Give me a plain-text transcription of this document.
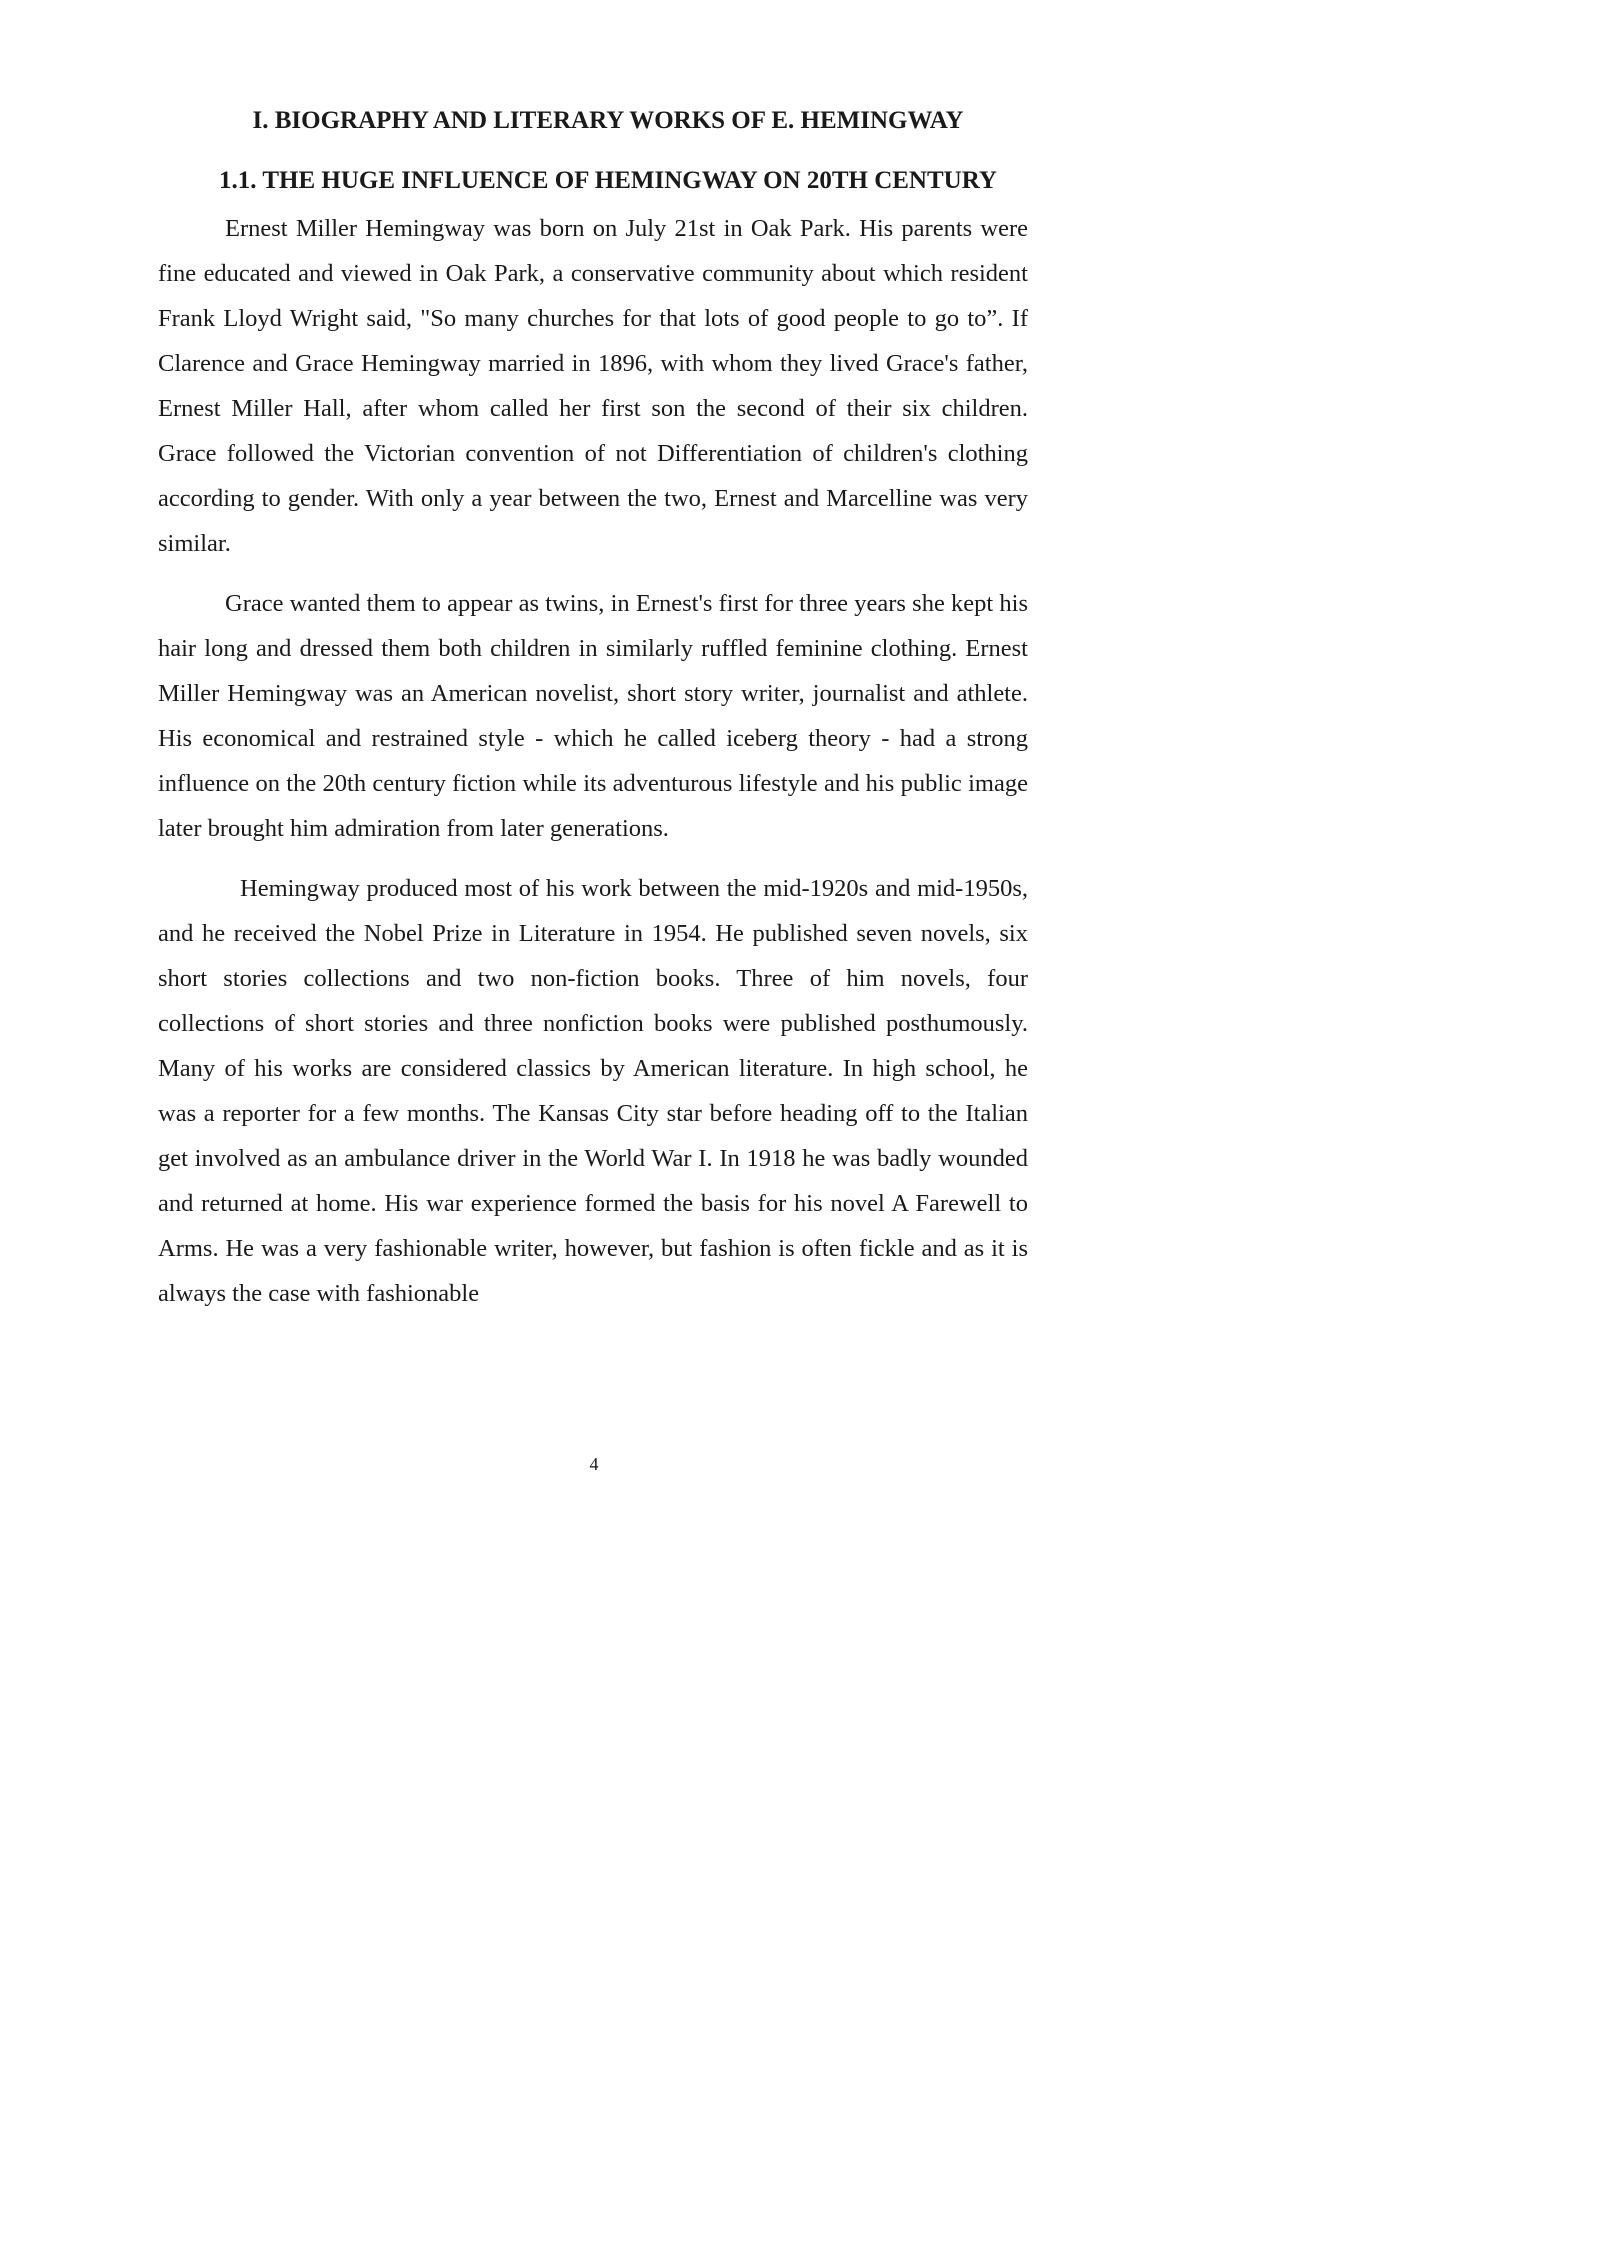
I. BIOGRAPHY AND LITERARY WORKS OF E. HEMINGWAY
1.1. THE HUGE INFLUENCE OF HEMINGWAY ON 20TH CENTURY

Ernest Miller Hemingway was born on July 21st in Oak Park. His parents were fine educated and viewed in Oak Park, a conservative community about which resident Frank Lloyd Wright said, "So many churches for that lots of good people to go to”. If Clarence and Grace Hemingway married in 1896, with whom they lived Grace's father, Ernest Miller Hall, after whom called her first son the second of their six children. Grace followed the Victorian convention of not Differentiation of children's clothing according to gender. With only a year between the two, Ernest and Marcelline was very similar.

Grace wanted them to appear as twins, in Ernest's first for three years she kept his hair long and dressed them both children in similarly ruffled feminine clothing. Ernest Miller Hemingway was an American novelist, short story writer, journalist and athlete. His economical and restrained style - which he called iceberg theory - had a strong influence on the 20th century fiction while its adventurous lifestyle and his public image later brought him admiration from later generations.

Hemingway produced most of his work between the mid-1920s and mid-1950s, and he received the Nobel Prize in Literature in 1954. He published seven novels, six short stories collections and two non-fiction books. Three of him novels, four collections of short stories and three nonfiction books were published posthumously. Many of his works are considered classics by American literature. In high school, he was a reporter for a few months. The Kansas City star before heading off to the Italian get involved as an ambulance driver in the World War I. In 1918 he was badly wounded and returned at home. His war experience formed the basis for his novel A Farewell to Arms. He was a very fashionable writer, however, but fashion is often fickle and as it is always the case with fashionable

4
